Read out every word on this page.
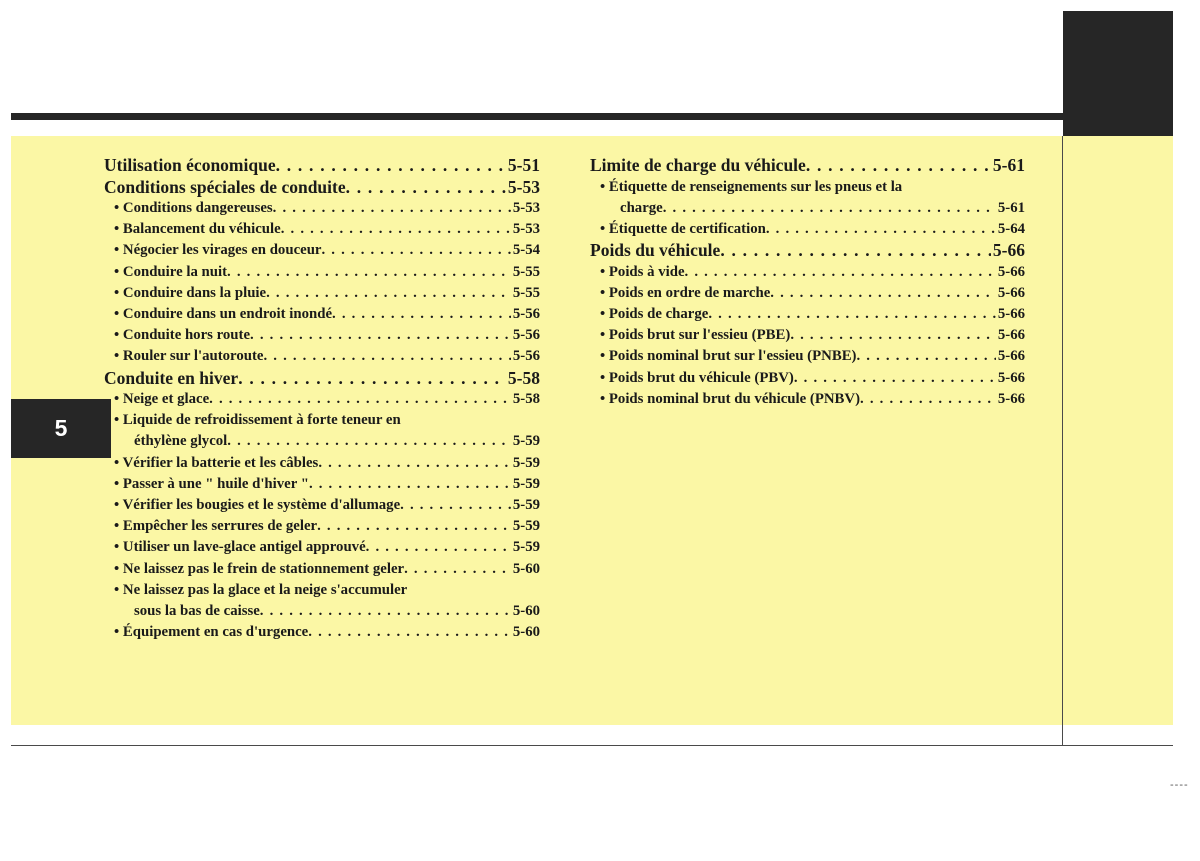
5
Utilisation économique . . .	5-51
Conditions spéciales de conduite . . .	5-53
• Conditions dangereuses . . .	5-53
• Balancement du véhicule . . .	5-53
• Négocier les virages en douceur . . .	5-54
• Conduire la nuit . . .	5-55
• Conduire dans la pluie . . .	5-55
• Conduire dans un endroit inondé . . .	5-56
• Conduite hors route . . .	5-56
• Rouler sur l'autoroute . . .	5-56
Conduite en hiver . . .	5-58
• Neige et glace . . .	5-58
• Liquide de refroidissement à forte teneur en
éthylène glycol . . .	5-59
• Vérifier la batterie et les câbles . . .	5-59
• Passer à une " huile d'hiver " . . .	5-59
• Vérifier les bougies et le système d'allumage . . .	5-59
• Empêcher les serrures de geler . . .	5-59
• Utiliser un lave-glace antigel approuvé . . .	5-59
• Ne laissez pas le frein de stationnement geler . . .	5-60
• Ne laissez pas la glace et la neige s'accumuler
sous la bas de caisse . . .	5-60
• Équipement en cas d'urgence . . .	5-60
Limite de charge du véhicule . . .	5-61
• Étiquette de renseignements sur les pneus et la
charge . . .	5-61
• Étiquette de certification . . .	5-64
Poids du véhicule . . .	5-66
• Poids à vide . . .	5-66
• Poids en ordre de marche . . .	5-66
• Poids de charge . . .	5-66
• Poids brut sur l'essieu (PBE) . . .	5-66
• Poids nominal brut sur l'essieu (PNBE) . . .	5-66
• Poids brut du véhicule (PBV) . . .	5-66
• Poids nominal brut du véhicule (PNBV) . . .	5-66
----
